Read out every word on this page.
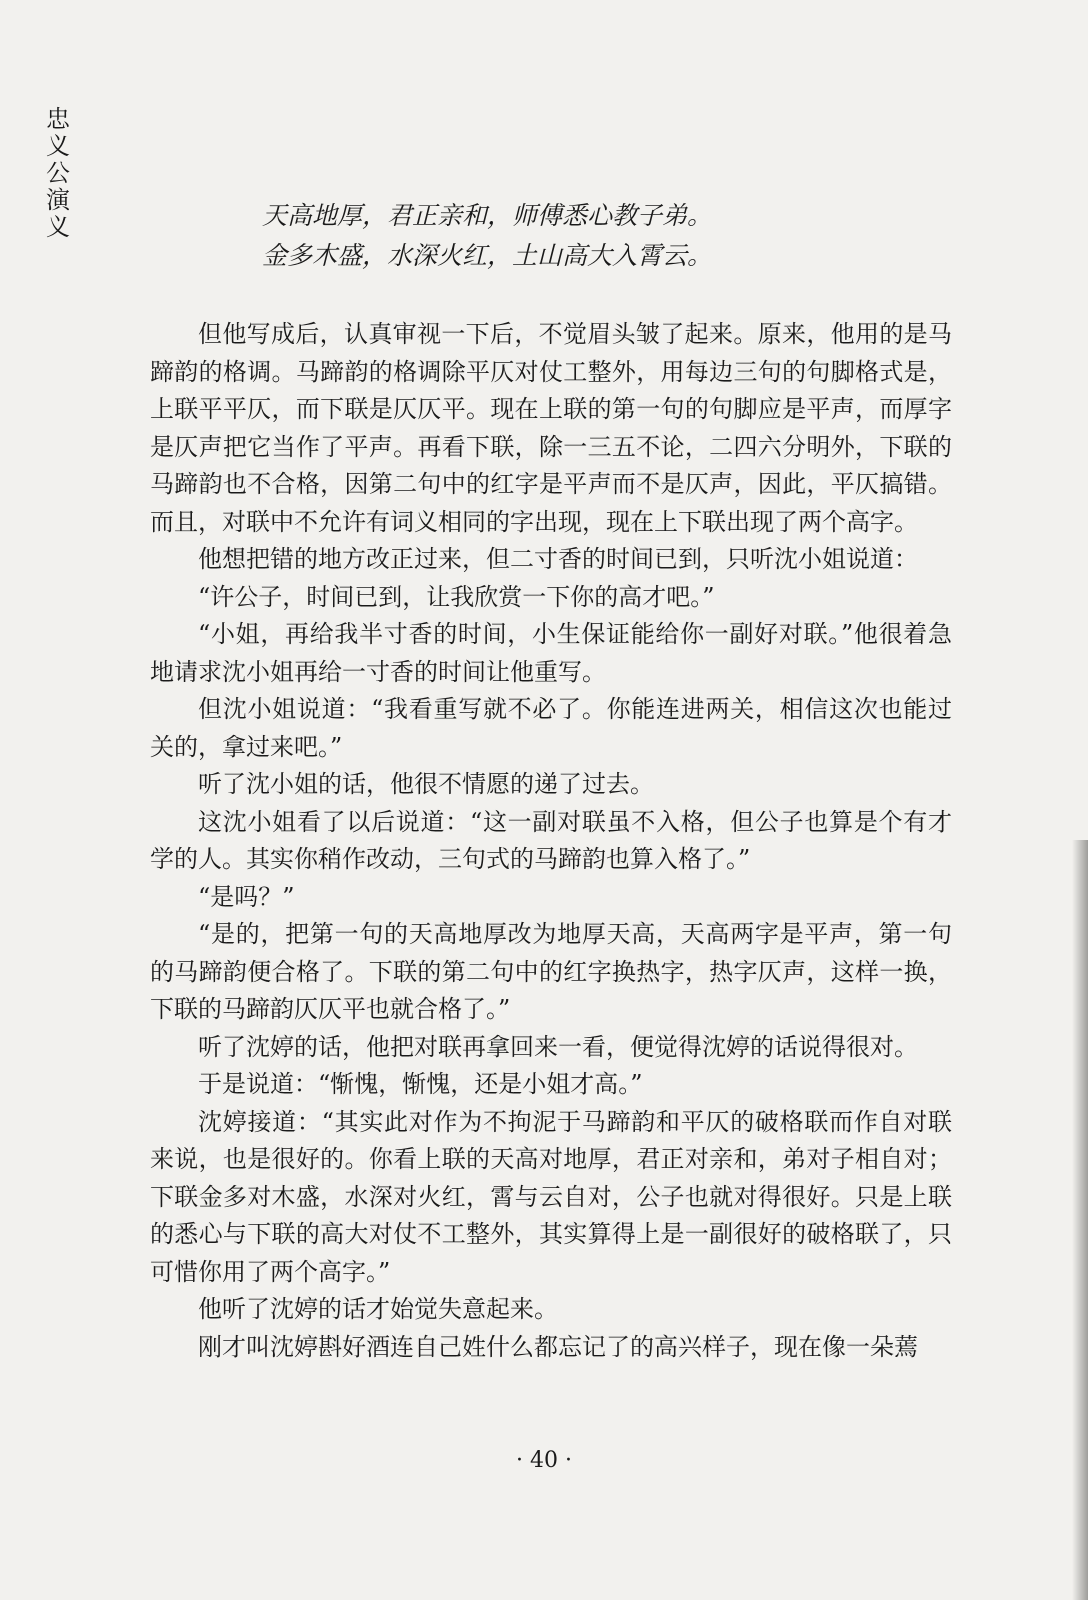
忠义公演义	天高地厚，君正亲和，师傅悉心教子弟。
金多木盛，水深火红，土山高大入霄云。

但他写成后，认真审视一下后，不觉眉头皱了起来。原来，他用的是马蹄韵的格调。马蹄韵的格调除平仄对仗工整外，用每边三句的句脚格式是，上联平平仄，而下联是仄仄平。现在上联的第一句的句脚应是平声，而厚字是仄声把它当作了平声。再看下联，除一三五不论，二四六分明外，下联的马蹄韵也不合格，因第二句中的红字是平声而不是仄声，因此，平仄搞错。而且，对联中不允许有词义相同的字出现，现在上下联出现了两个高字。

他想把错的地方改正过来，但二寸香的时间已到，只听沈小姐说道：

“许公子，时间已到，让我欣赏一下你的高才吧。”

“小姐，再给我半寸香的时间，小生保证能给你一副好对联。”他很着急地请求沈小姐再给一寸香的时间让他重写。

但沈小姐说道：“我看重写就不必了。你能连进两关，相信这次也能过关的，拿过来吧。”

听了沈小姐的话，他很不情愿的递了过去。

这沈小姐看了以后说道：“这一副对联虽不入格，但公子也算是个有才学的人。其实你稍作改动，三句式的马蹄韵也算入格了。”

“是吗？”

“是的，把第一句的天高地厚改为地厚天高，天高两字是平声，第一句的马蹄韵便合格了。下联的第二句中的红字换热字，热字仄声，这样一换，下联的马蹄韵仄仄平也就合格了。”

听了沈婷的话，他把对联再拿回来一看，便觉得沈婷的话说得很对。

于是说道：“惭愧，惭愧，还是小姐才高。”

沈婷接道：“其实此对作为不拘泥于马蹄韵和平仄的破格联而作自对联来说，也是很好的。你看上联的天高对地厚，君正对亲和，弟对子相自对；下联金多对木盛，水深对火红，霄与云自对，公子也就对得很好。只是上联的悉心与下联的高大对仗不工整外，其实算得上是一副很好的破格联了，只可惜你用了两个高字。”

他听了沈婷的话才始觉失意起来。

刚才叫沈婷斟好酒连自己姓什么都忘记了的高兴样子，现在像一朵蔫

· 40 ·
